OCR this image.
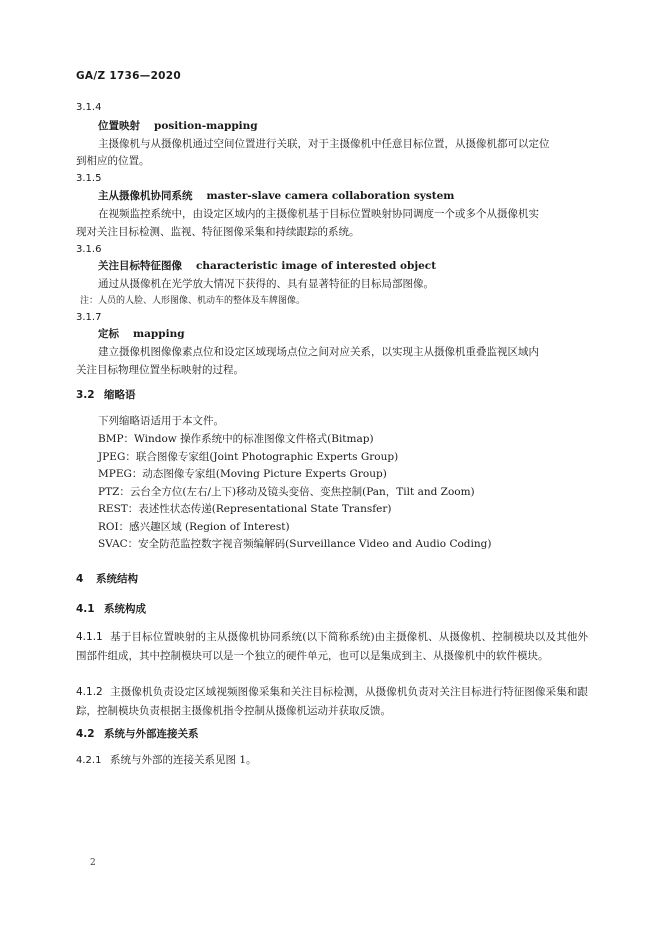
GA/Z 1736—2020
3.1.4
位置映射 position-mapping
主摄像机与从摄像机通过空间位置进行关联，对于主摄像机中任意目标位置，从摄像机都可以定位
到相应的位置。
3.1.5
主从摄像机协同系统 master-slave camera collaboration system
在视频监控系统中，由设定区域内的主摄像机基于目标位置映射协同调度一个或多个从摄像机实
现对关注目标检测、监视、特征图像采集和持续跟踪的系统。
3.1.6
关注目标特征图像 characteristic image of interested object
通过从摄像机在光学放大情况下获得的、具有显著特征的目标局部图像。
注：人员的人脸、人形图像、机动车的整体及车牌图像。
3.1.7
定标 mapping
建立摄像机图像像素点位和设定区域现场点位之间对应关系，以实现主从摄像机重叠监视区域内
关注目标物理位置坐标映射的过程。
3.2 缩略语
下列缩略语适用于本文件。
BMP：Window 操作系统中的标准图像文件格式(Bitmap)
JPEG：联合图像专家组(Joint Photographic Experts Group)
MPEG：动态图像专家组(Moving Picture Experts Group)
PTZ：云台全方位(左右/上下)移动及镜头变倍、变焦控制(Pan，Tilt and Zoom)
REST：表述性状态传递(Representational State Transfer)
ROI：感兴趣区域 (Region of Interest)
SVAC：安全防范监控数字视音频编解码(Surveillance Video and Audio Coding)
4 系统结构
4.1 系统构成
4.1.1 基于目标位置映射的主从摄像机协同系统(以下简称系统)由主摄像机、从摄像机、控制模块以及其他外围部件组成，其中控制模块可以是一个独立的硬件单元，也可以是集成到主、从摄像机中的软件模块。
4.1.2 主摄像机负责设定区域视频图像采集和关注目标检测，从摄像机负责对关注目标进行特征图像采集和跟踪，控制模块负责根据主摄像机指令控制从摄像机运动并获取反馈。
4.2 系统与外部连接关系
4.2.1 系统与外部的连接关系见图 1。
2
